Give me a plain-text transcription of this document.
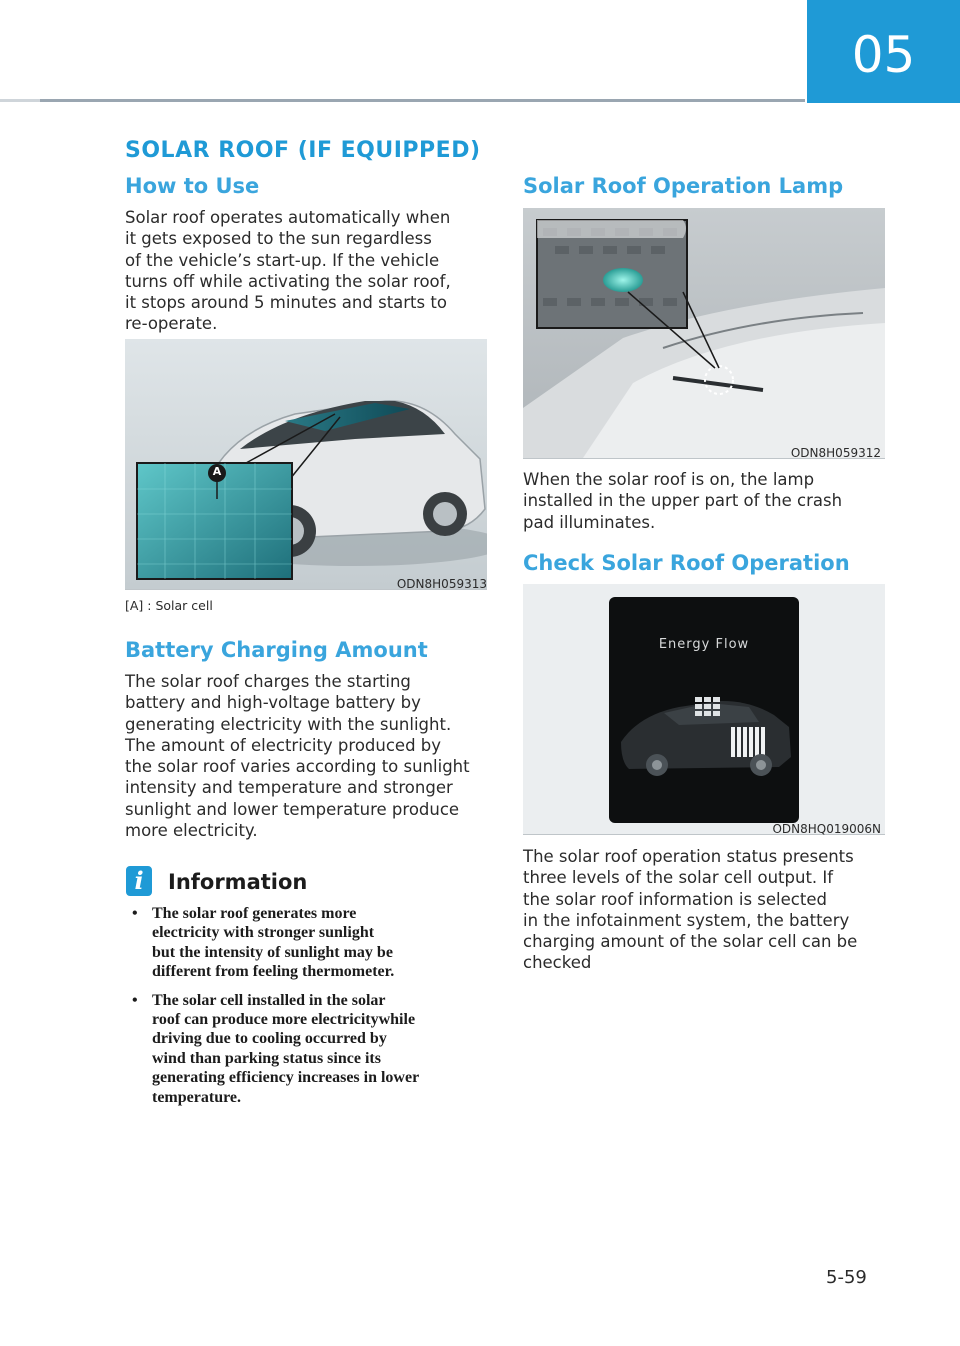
05
SOLAR ROOF (IF EQUIPPED)
How to Use
Solar roof operates automatically when
it gets exposed to the sun regardless
of the vehicle’s start-up. If the vehicle
turns off while activating the solar roof,
it stops around 5 minutes and starts to
re-operate.
A
ODN8H059313
[A] : Solar cell
Battery Charging Amount
The solar roof charges the starting
battery and high-voltage battery by
generating electricity with the sunlight.
The amount of electricity produced by
the solar roof varies according to sunlight
intensity and temperature and stronger
sunlight and lower temperature produce
more electricity.
i	Information
• The solar roof generates more
electricity with stronger sunlight
but the intensity of sunlight may be
different from feeling thermometer.
• The solar cell installed in the solar
roof can produce more electricitywhile
driving due to cooling occurred by
wind than parking status since its
generating efficiency increases in lower
temperature.
Solar Roof Operation Lamp
ODN8H059312
When the solar roof is on, the lamp
installed in the upper part of the crash
pad illuminates.
Check Solar Roof Operation
Energy Flow
ODN8HQ019006N
The solar roof operation status presents
three levels of the solar cell output. If
the solar roof information is selected
in the infotainment system, the battery
charging amount of the solar cell can be
checked
5-59
